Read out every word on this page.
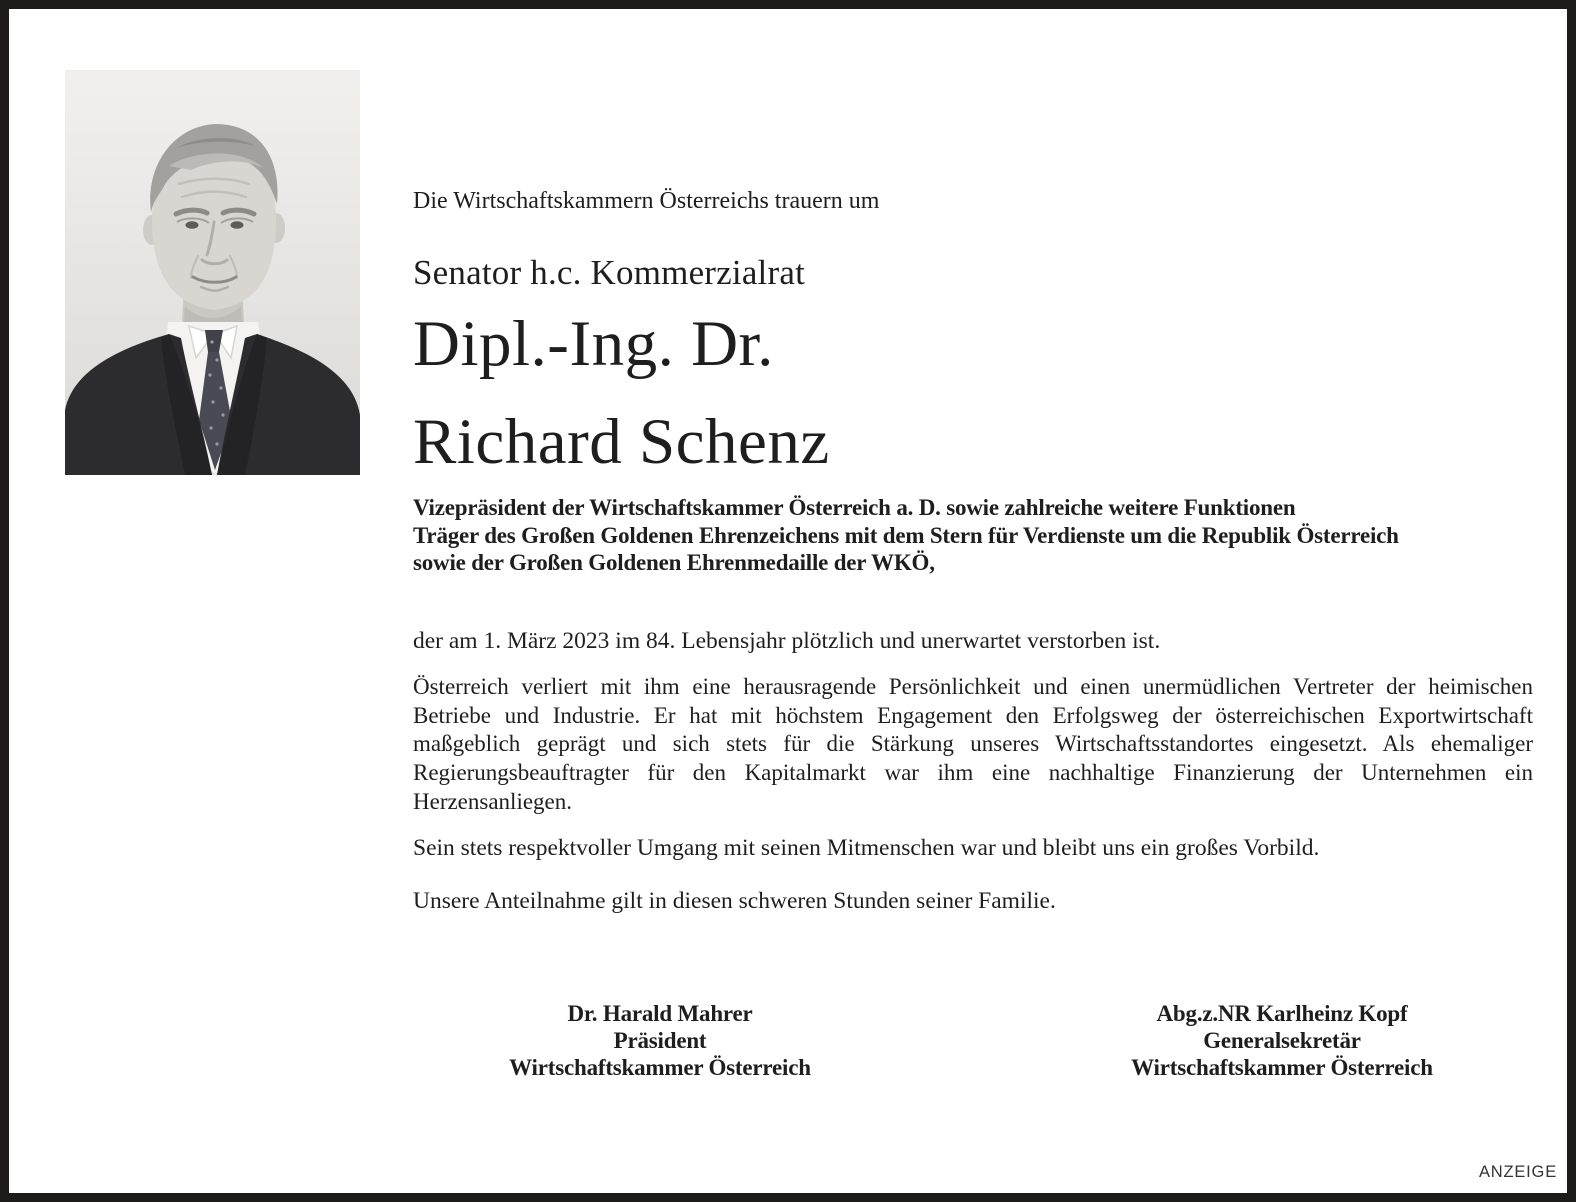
Die Wirtschaftskammern Österreichs trauern um
Senator h.c. Kommerzialrat
Dipl.-Ing. Dr.
Richard Schenz
Vizepräsident der Wirtschaftskammer Österreich a. D. sowie zahlreiche weitere Funktionen
Träger des Großen Goldenen Ehrenzeichens mit dem Stern für Verdienste um die Republik Österreich
sowie der Großen Goldenen Ehrenmedaille der WKÖ,
der am 1. März 2023 im 84. Lebensjahr plötzlich und unerwartet verstorben ist.
Österreich verliert mit ihm eine herausragende Persönlichkeit und einen unermüdlichen Vertreter der heimischen Betriebe und Industrie. Er hat mit höchstem Engagement den Erfolgsweg der österreichischen Exportwirtschaft maßgeblich geprägt und sich stets für die Stärkung unseres Wirtschaftsstandortes eingesetzt. Als ehemaliger Regierungsbeauftragter für den Kapitalmarkt war ihm eine nachhaltige Finanzierung der Unternehmen ein Herzensanliegen.
Sein stets respektvoller Umgang mit seinen Mitmenschen war und bleibt uns ein großes Vorbild.
Unsere Anteilnahme gilt in diesen schweren Stunden seiner Familie.
Dr. Harald Mahrer
Präsident
Wirtschaftskammer Österreich
Abg.z.NR Karlheinz Kopf
Generalsekretär
Wirtschaftskammer Österreich
ANZEIGE
